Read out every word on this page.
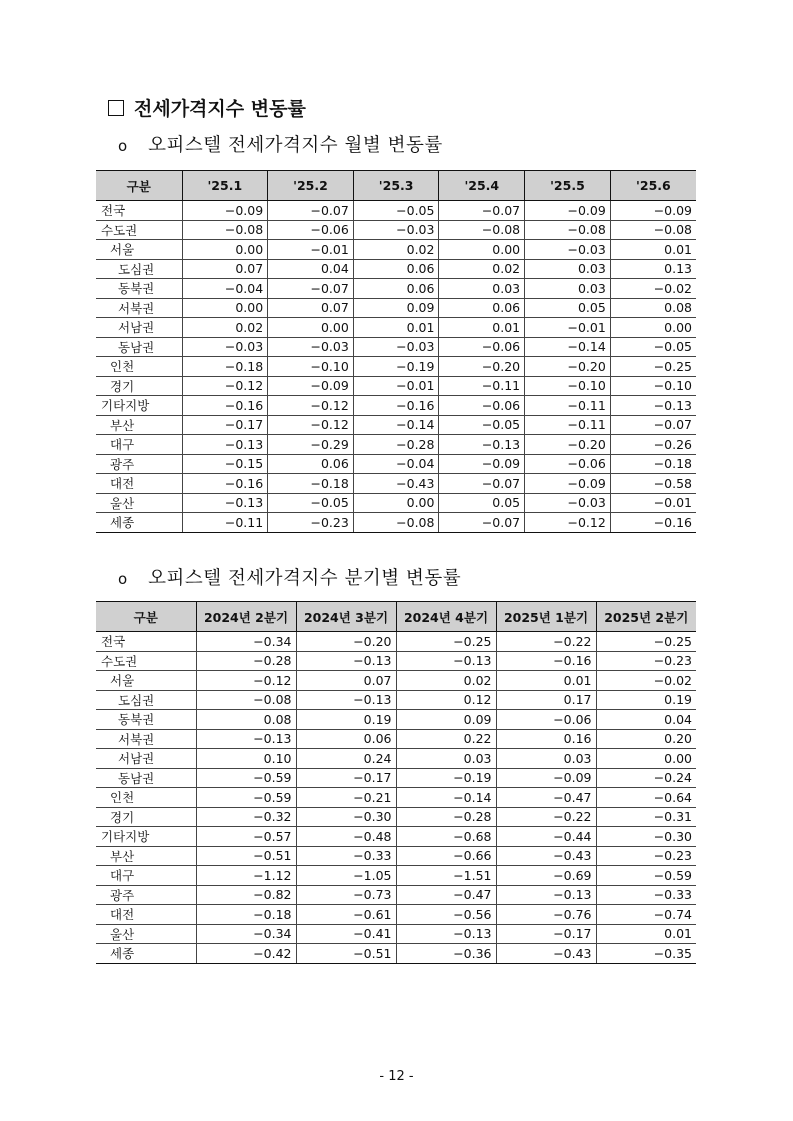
전세가격지수 변동률
o 오피스텔 전세가격지수 월별 변동률
구분	'25.1	'25.2	'25.3	'25.4	'25.5	'25.6
전국	−0.09	−0.07	−0.05	−0.07	−0.09	−0.09
수도권	−0.08	−0.06	−0.03	−0.08	−0.08	−0.08
서울	0.00	−0.01	0.02	0.00	−0.03	0.01
도심권	0.07	0.04	0.06	0.02	0.03	0.13
동북권	−0.04	−0.07	0.06	0.03	0.03	−0.02
서북권	0.00	0.07	0.09	0.06	0.05	0.08
서남권	0.02	0.00	0.01	0.01	−0.01	0.00
동남권	−0.03	−0.03	−0.03	−0.06	−0.14	−0.05
인천	−0.18	−0.10	−0.19	−0.20	−0.20	−0.25
경기	−0.12	−0.09	−0.01	−0.11	−0.10	−0.10
기타지방	−0.16	−0.12	−0.16	−0.06	−0.11	−0.13
부산	−0.17	−0.12	−0.14	−0.05	−0.11	−0.07
대구	−0.13	−0.29	−0.28	−0.13	−0.20	−0.26
광주	−0.15	0.06	−0.04	−0.09	−0.06	−0.18
대전	−0.16	−0.18	−0.43	−0.07	−0.09	−0.58
울산	−0.13	−0.05	0.00	0.05	−0.03	−0.01
세종	−0.11	−0.23	−0.08	−0.07	−0.12	−0.16
o 오피스텔 전세가격지수 분기별 변동률
구분	2024년 2분기	2024년 3분기	2024년 4분기	2025년 1분기	2025년 2분기
전국	−0.34	−0.20	−0.25	−0.22	−0.25
수도권	−0.28	−0.13	−0.13	−0.16	−0.23
서울	−0.12	0.07	0.02	0.01	−0.02
도심권	−0.08	−0.13	0.12	0.17	0.19
동북권	0.08	0.19	0.09	−0.06	0.04
서북권	−0.13	0.06	0.22	0.16	0.20
서남권	0.10	0.24	0.03	0.03	0.00
동남권	−0.59	−0.17	−0.19	−0.09	−0.24
인천	−0.59	−0.21	−0.14	−0.47	−0.64
경기	−0.32	−0.30	−0.28	−0.22	−0.31
기타지방	−0.57	−0.48	−0.68	−0.44	−0.30
부산	−0.51	−0.33	−0.66	−0.43	−0.23
대구	−1.12	−1.05	−1.51	−0.69	−0.59
광주	−0.82	−0.73	−0.47	−0.13	−0.33
대전	−0.18	−0.61	−0.56	−0.76	−0.74
울산	−0.34	−0.41	−0.13	−0.17	0.01
세종	−0.42	−0.51	−0.36	−0.43	−0.35
- 12 -
